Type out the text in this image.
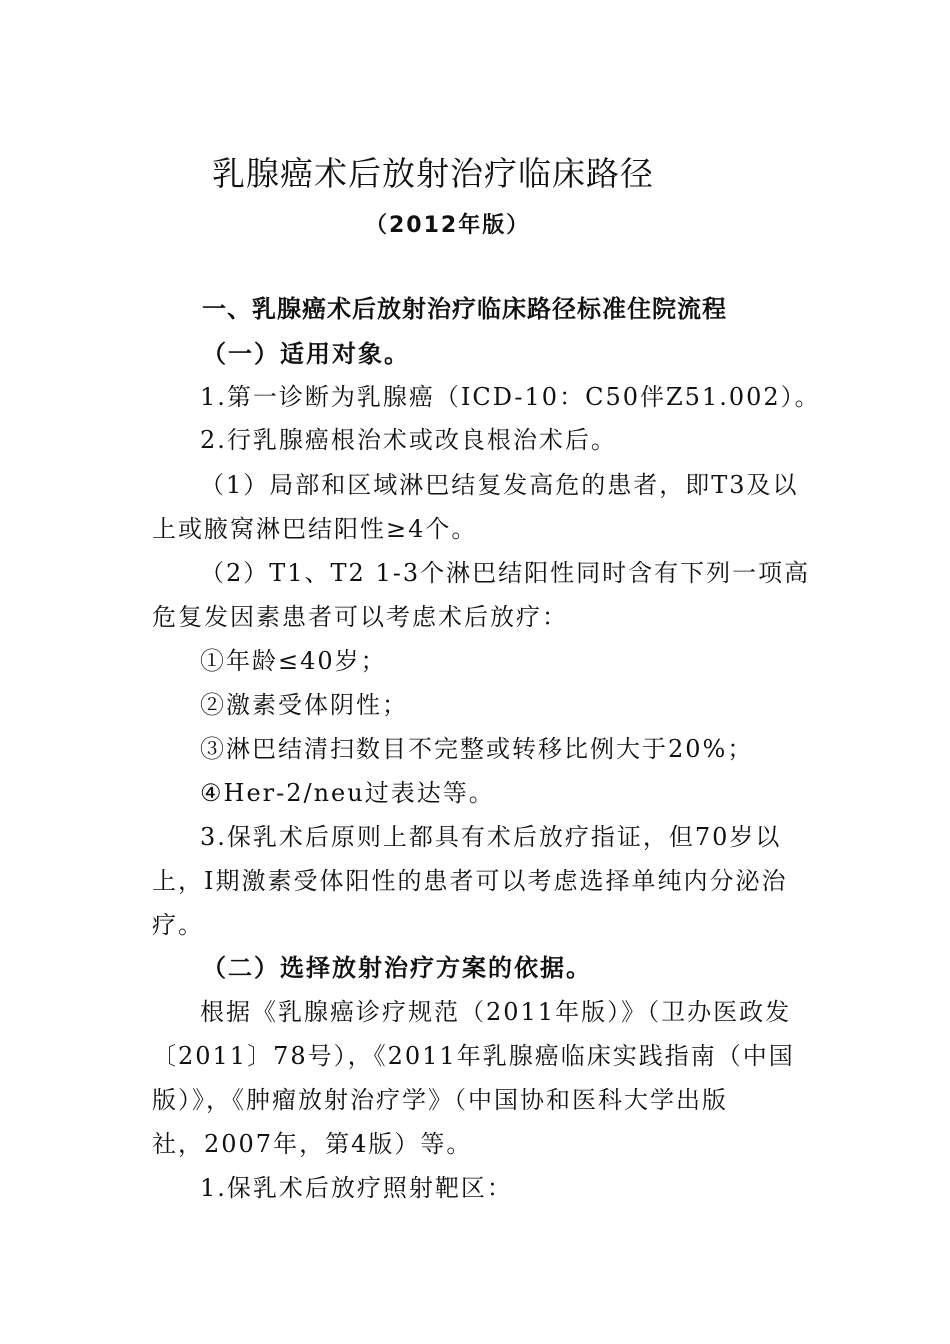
乳腺癌术后放射治疗临床路径
（2012年版）
一、乳腺癌术后放射治疗临床路径标准住院流程
（一）适用对象。
1.第一诊断为乳腺癌（ICD-10：C50伴Z51.002）。
2.行乳腺癌根治术或改良根治术后。
（1）局部和区域淋巴结复发高危的患者，即T3及以
上或腋窝淋巴结阳性≥4个。
（2）T1、T2 1-3个淋巴结阳性同时含有下列一项高
危复发因素患者可以考虑术后放疗：
①年龄≤40岁；
②激素受体阴性；
③淋巴结清扫数目不完整或转移比例大于20%；
④Her-2/neu过表达等。
3.保乳术后原则上都具有术后放疗指证，但70岁以
上，Ⅰ期激素受体阳性的患者可以考虑选择单纯内分泌治
疗。
（二）选择放射治疗方案的依据。
根据《乳腺癌诊疗规范（2011年版）》（卫办医政发
〔2011〕78号），《2011年乳腺癌临床实践指南（中国
版）》，《肿瘤放射治疗学》（中国协和医科大学出版
社，2007年，第4版）等。
1.保乳术后放疗照射靶区：
